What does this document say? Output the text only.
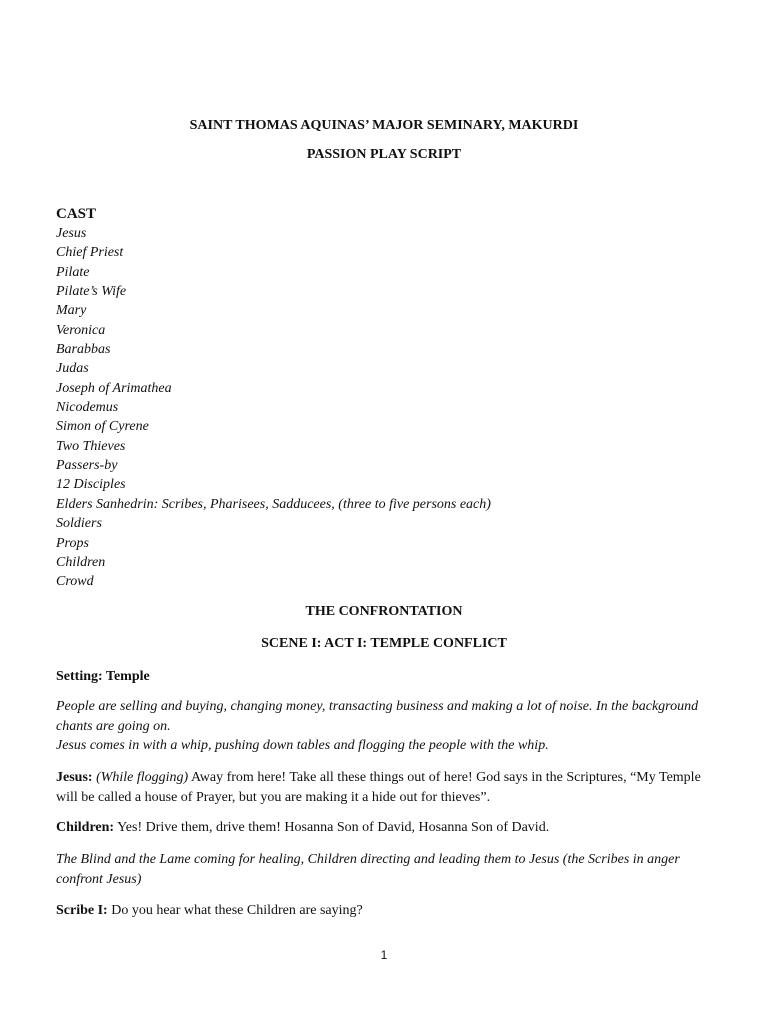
SAINT THOMAS AQUINAS’ MAJOR SEMINARY, MAKURDI
PASSION PLAY SCRIPT
CAST
Jesus
Chief Priest
Pilate
Pilate’s Wife
Mary
Veronica
Barabbas
Judas
Joseph of Arimathea
Nicodemus
Simon of Cyrene
Two Thieves
Passers-by
12 Disciples
Elders Sanhedrin: Scribes, Pharisees, Sadducees, (three to five persons each)
Soldiers
Props
Children
Crowd
THE CONFRONTATION
SCENE I: ACT I: TEMPLE CONFLICT
Setting: Temple
People are selling and buying, changing money, transacting business and making a lot of noise. In the background chants are going on.
Jesus comes in with a whip, pushing down tables and flogging the people with the whip.
Jesus: (While flogging) Away from here! Take all these things out of here! God says in the Scriptures, “My Temple will be called a house of Prayer, but you are making it a hide out for thieves”.
Children: Yes! Drive them, drive them! Hosanna Son of David, Hosanna Son of David.
The Blind and the Lame coming for healing, Children directing and leading them to Jesus (the Scribes in anger confront Jesus)
Scribe I: Do you hear what these Children are saying?
1
